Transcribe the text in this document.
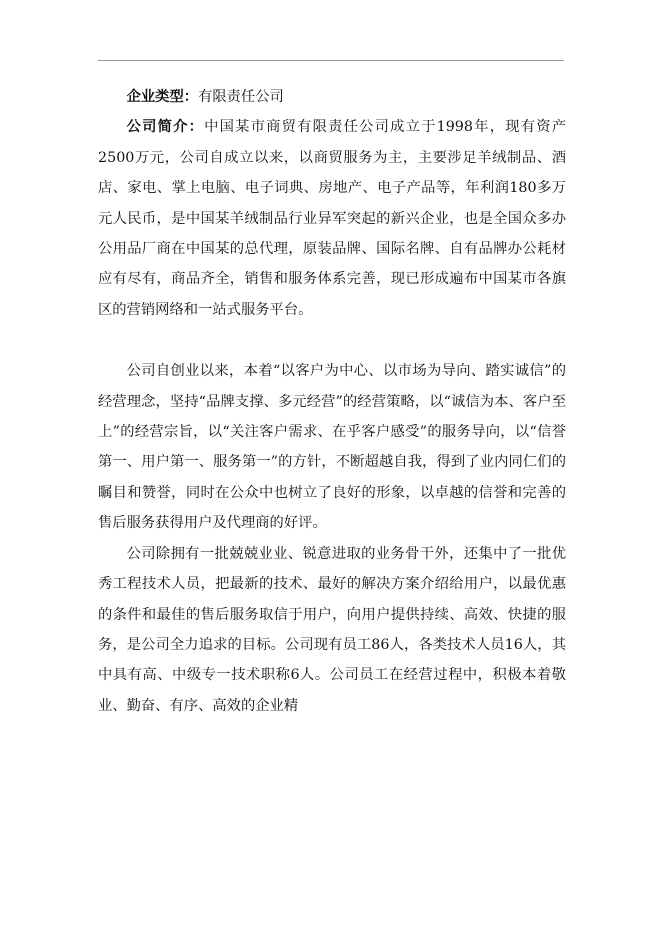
企业类型：有限责任公司

公司简介：中国某市商贸有限责任公司成立于1998年，现有资产2500万元，公司自成立以来，以商贸服务为主，主要涉足羊绒制品、酒店、家电、掌上电脑、电子词典、房地产、电子产品等，年利润180多万元人民币，是中国某羊绒制品行业异军突起的新兴企业，也是全国众多办公用品厂商在中国某的总代理，原装品牌、国际名牌、自有品牌办公耗材应有尽有，商品齐全，销售和服务体系完善，现已形成遍布中国某市各旗区的营销网络和一站式服务平台。

公司自创业以来，本着“以客户为中心、以市场为导向、踏实诚信”的经营理念，坚持“品牌支撑、多元经营”的经营策略，以“诚信为本、客户至上”的经营宗旨，以“关注客户需求、在乎客户感受”的服务导向，以“信誉第一、用户第一、服务第一”的方针，不断超越自我，得到了业内同仁们的瞩目和赞誉，同时在公众中也树立了良好的形象，以卓越的信誉和完善的售后服务获得用户及代理商的好评。

公司除拥有一批兢兢业业、锐意进取的业务骨干外，还集中了一批优秀工程技术人员，把最新的技术、最好的解决方案介绍给用户，以最优惠的条件和最佳的售后服务取信于用户，向用户提供持续、高效、快捷的服务，是公司全力追求的目标。公司现有员工86人，各类技术人员16人，其中具有高、中级专一技术职称6人。公司员工在经营过程中，积极本着敬业、勤奋、有序、高效的企业精
